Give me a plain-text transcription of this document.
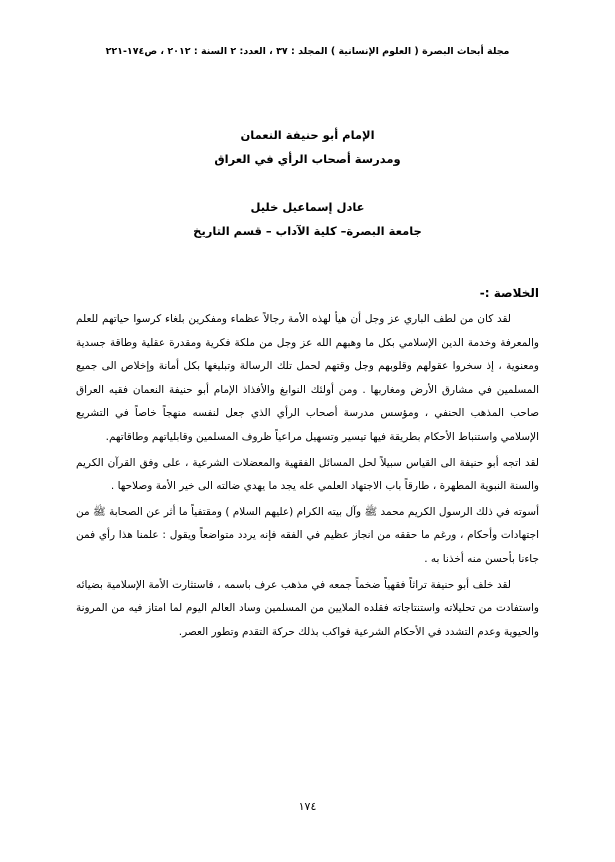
مجلة أبحاث البصرة ( العلوم الإنسانية ) المجلد : ٣٧ ، العدد: ٢ السنة : ٢٠١٢ ، ص١٧٤-٢٢١
الإمام أبو حنيفة النعمان
ومدرسة أصحاب الرأي في العراق
عادل إسماعيل خليل
جامعة البصرة– كلية الآداب – قسم التاريخ
الخلاصة :-

لقد كان من لطف الباري عز وجل أن هيأ لهذه الأمة رجالاً عظماء ومفكرين بلغاء كرسوا حياتهم للعلم والمعرفة وخدمة الدين الإسلامي بكل ما وهبهم الله عز وجل من ملكة فكرية ومقدرة عقلية وطاقة جسدية ومعنوية ، إذ سخروا عقولهم وقلوبهم وجل وقتهم لحمل تلك الرسالة وتبليغها بكل أمانة وإخلاص الى جميع المسلمين في مشارق الأرض ومغاربها . ومن أولئك النوابغ والأفذاذ الإمام أبو حنيفة النعمان فقيه العراق صاحب المذهب الحنفي ، ومؤسس مدرسة أصحاب الرأي الذي جعل لنفسه منهجاً خاصاً في التشريع الإسلامي واستنباط الأحكام بطريقة فيها تيسير وتسهيل مراعياً ظروف المسلمين وقابلياتهم وطاقاتهم.

لقد اتجه أبو حنيفة الى القياس سبيلاً لحل المسائل الفقهية والمعضلات الشرعية ، على وفق القرآن الكريم والسنة النبوية المطهرة ، طارقاً باب الاجتهاد العلمي عله يجد ما يهدي ضالته الى خير الأمة وصلاحها .

أسوته في ذلك الرسول الكريم محمد ﷺ وآل بيته الكرام (عليهم السلام ) ومقتفياً ما أثر عن الصحابة ﷺ من اجتهادات وأحكام ، ورغم ما حققه من انجاز عظيم في الفقه فإنه يردد متواضعاً ويقول : علمنا هذا رأي فمن جاءنا بأحسن منه أخذنا به .

لقد خلف أبو حنيفة تراثاً فقهياً ضخماً جمعه في مذهب عرف باسمه ، فاستثارت الأمة الإسلامية بضيائه واستفادت من تحليلاته واستنتاجاته فقلده الملايين من المسلمين وساد العالم اليوم لما امتاز فيه من المرونة والحيوية وعدم التشدد في الأحكام الشرعية فواكب بذلك حركة التقدم وتطور العصر.

١٧٤
